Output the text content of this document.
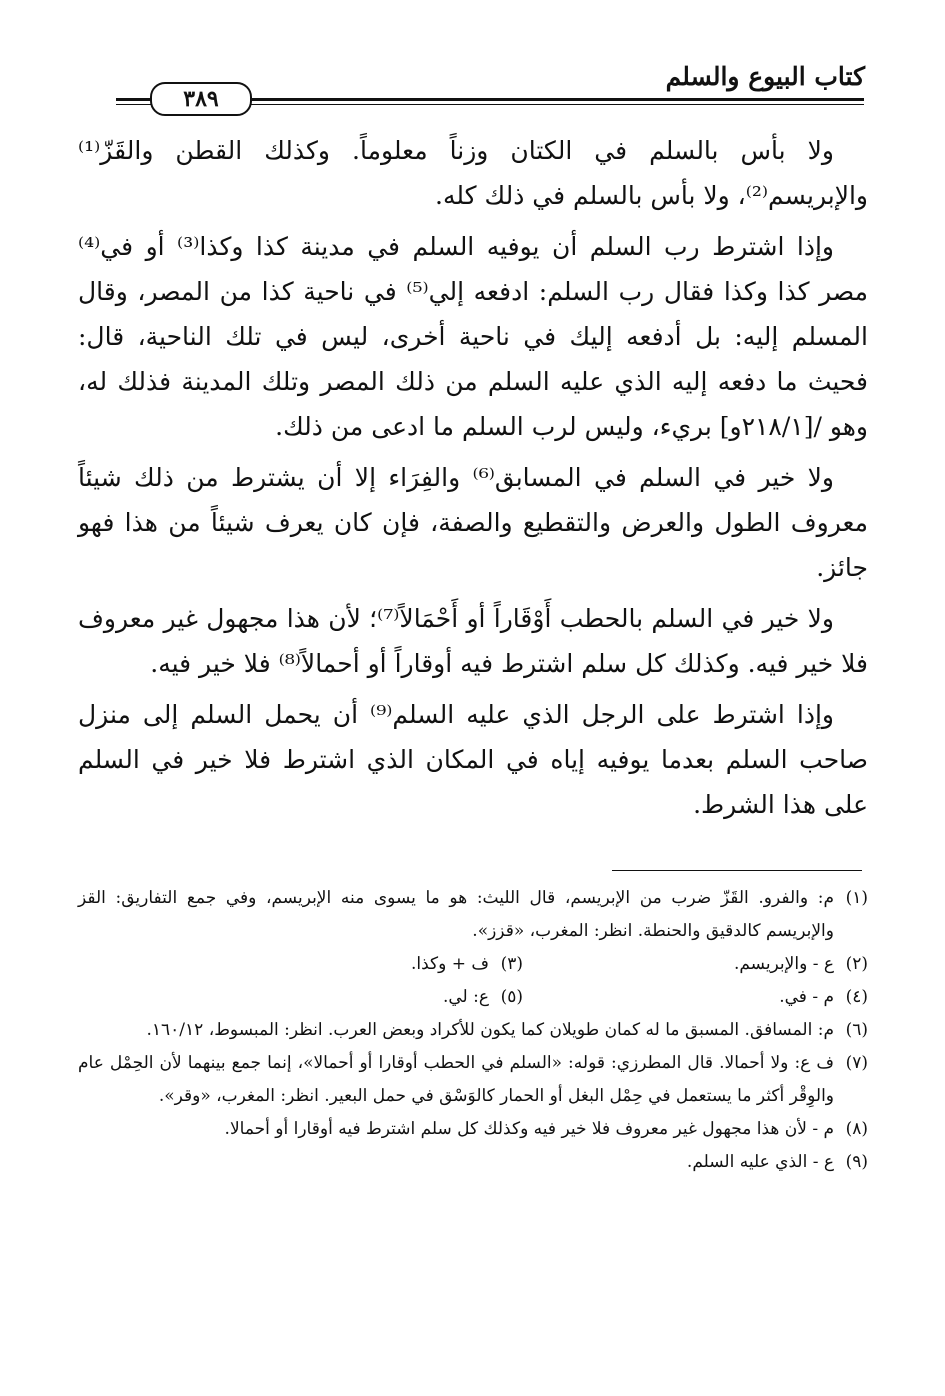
كتاب البيوع والسلم
٣٨٩

ولا بأس بالسلم في الكتان وزناً معلوماً. وكذلك القطن والقَزّ⁽¹⁾ والإبريسم⁽²⁾، ولا بأس بالسلم في ذلك كله.

وإذا اشترط رب السلم أن يوفيه السلم في مدينة كذا وكذا⁽³⁾ أو في⁽⁴⁾ مصر كذا وكذا فقال رب السلم: ادفعه إلي⁽⁵⁾ في ناحية كذا من المصر، وقال المسلم إليه: بل أدفعه إليك في ناحية أخرى، ليس في تلك الناحية، قال: فحيث ما دفعه إليه الذي عليه السلم من ذلك المصر وتلك المدينة فذلك له، وهو /[٢١٨/١و] بريء، وليس لرب السلم ما ادعى من ذلك.

ولا خير في السلم في المسابق⁽⁶⁾ والفِرَاء إلا أن يشترط من ذلك شيئاً معروف الطول والعرض والتقطيع والصفة، فإن كان يعرف شيئاً من هذا فهو جائز.

ولا خير في السلم بالحطب أَوْقَاراً أو أَحْمَالاً⁽⁷⁾؛ لأن هذا مجهول غير معروف فلا خير فيه. وكذلك كل سلم اشترط فيه أوقاراً أو أحمالاً⁽⁸⁾ فلا خير فيه.

وإذا اشترط على الرجل الذي عليه السلم⁽⁹⁾ أن يحمل السلم إلى منزل صاحب السلم بعدما يوفيه إياه في المكان الذي اشترط فلا خير في السلم على هذا الشرط.

(١)
م: والفرو. القَزّ ضرب من الإبريسم، قال الليث: هو ما يسوى منه الإبريسم، وفي جمع التفاريق: القز والإبريسم كالدقيق والحنطة. انظر: المغرب، «قزز».
(٢)
ع - والإبريسم.
(٣)
ف + وكذا.
(٤)
م - في.
(٥)
ع: لي.
(٦)
م: المسافق. المسبق ما له كمان طويلان كما يكون للأكراد وبعض العرب. انظر: المبسوط، ١٦٠/١٢.
(٧)
ف ع: ولا أحمالا. قال المطرزي: قوله: «السلم في الحطب أوقارا أو أحمالا»، إنما جمع بينهما لأن الحِمْل عام والوِقْر أكثر ما يستعمل في حِمْل البغل أو الحمار كالوَسْق في حمل البعير. انظر: المغرب، «وقر».
(٨)
م - لأن هذا مجهول غير معروف فلا خير فيه وكذلك كل سلم اشترط فيه أوقارا أو أحمالا.
(٩)
ع - الذي عليه السلم.
